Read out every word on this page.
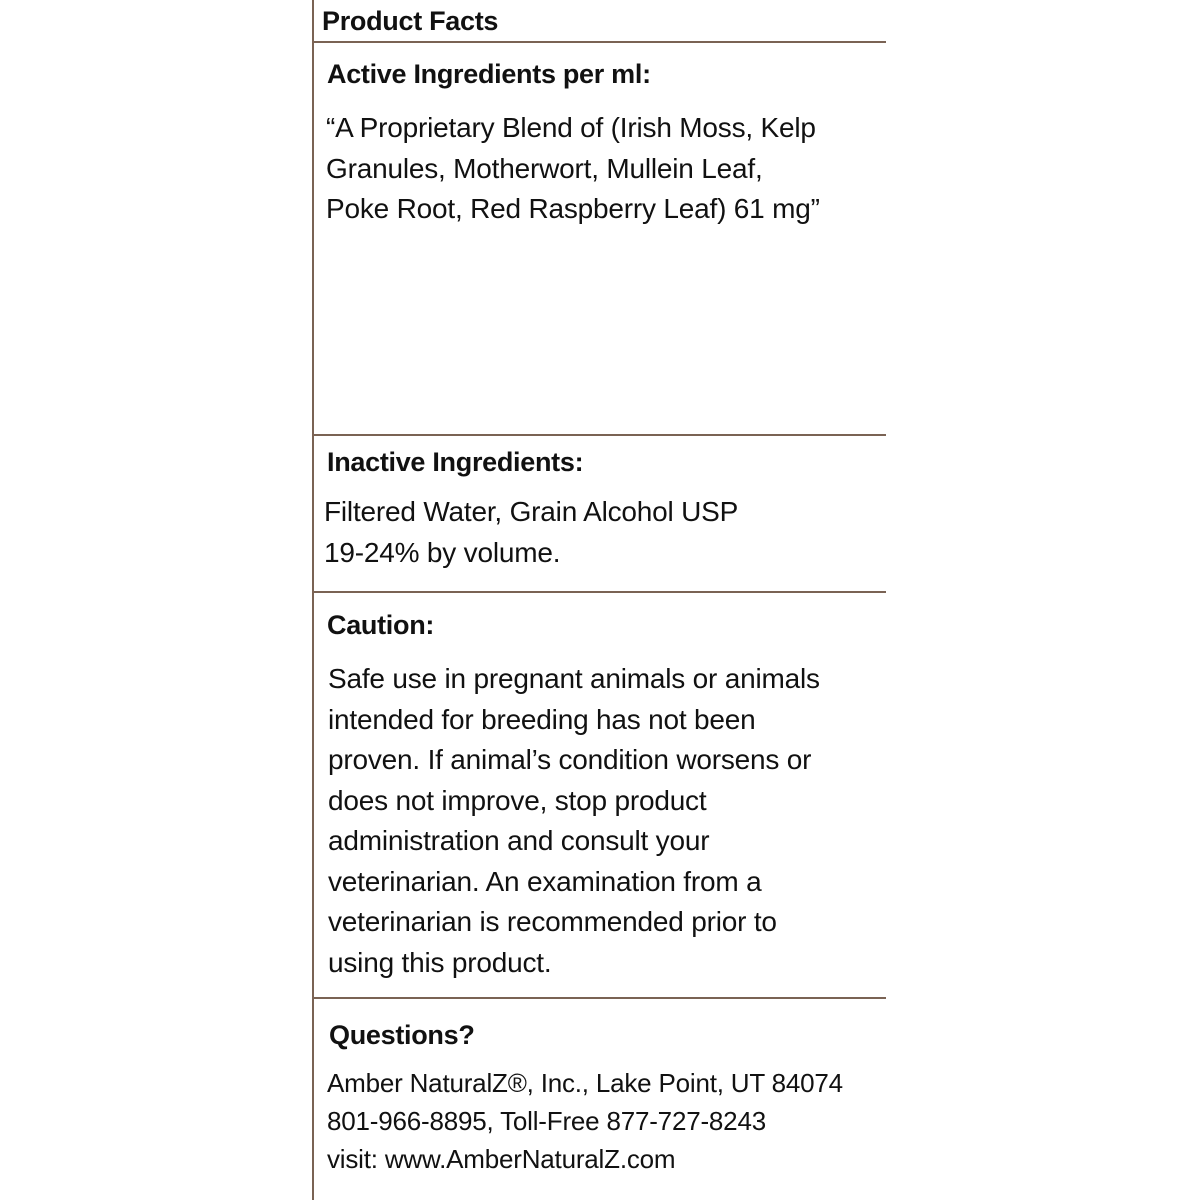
Product Facts
Active Ingredients per ml:
“A Proprietary Blend of (Irish Moss, Kelp
Granules, Motherwort, Mullein Leaf,
Poke Root, Red Raspberry Leaf) 61 mg”
Inactive Ingredients:
Filtered Water, Grain Alcohol USP
19-24% by volume.
Caution:
Safe use in pregnant animals or animals
intended for breeding has not been
proven. If animal’s condition worsens or
does not improve, stop product
administration and consult your
veterinarian. An examination from a
veterinarian is recommended prior to
using this product.
Questions?
Amber NaturalZ®, Inc., Lake Point, UT 84074
801-966-8895, Toll-Free 877-727-8243
visit: www.AmberNaturalZ.com
